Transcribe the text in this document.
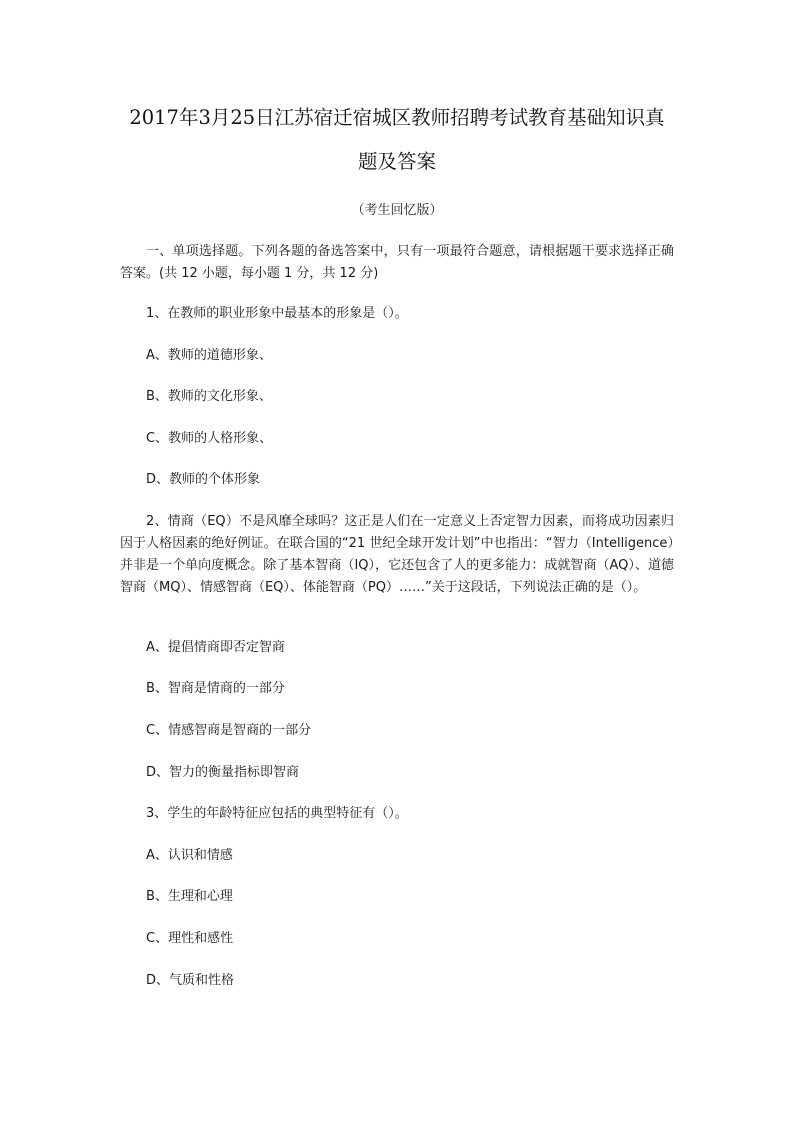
2017年3月25日江苏宿迁宿城区教师招聘考试教育基础知识真题及答案

（考生回忆版）

一、单项选择题。下列各题的备选答案中，只有一项最符合题意，请根据题干要求选择正确答案。(共 12 小题，每小题 1 分，共 12 分)

1、在教师的职业形象中最基本的形象是（）。

A、教师的道德形象、

B、教师的文化形象、

C、教师的人格形象、

D、教师的个体形象

2、情商（EQ）不是风靡全球吗？这正是人们在一定意义上否定智力因素，而将成功因素归因于人格因素的绝好例证。在联合国的“21 世纪全球开发计划”中也指出：“智力（Intelligence）并非是一个单向度概念。除了基本智商（IQ），它还包含了人的更多能力：成就智商（AQ）、道德智商（MQ）、情感智商（EQ）、体能智商（PQ）……”关于这段话，下列说法正确的是（）。

A、提倡情商即否定智商

B、智商是情商的一部分

C、情感智商是智商的一部分

D、智力的衡量指标即智商

3、学生的年龄特征应包括的典型特征有（）。

A、认识和情感

B、生理和心理

C、理性和感性

D、气质和性格
